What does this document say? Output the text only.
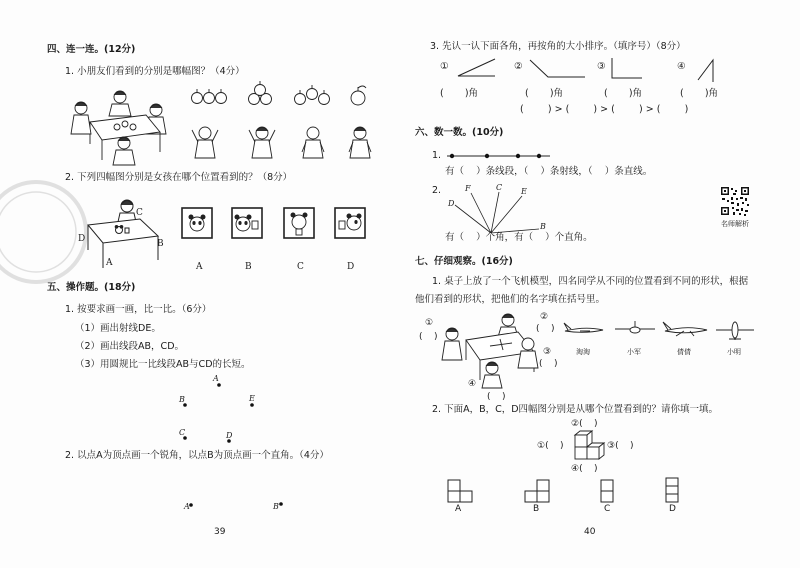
C
D	B
A	A	B	C	D
A
B	E
C	D
A	B
F	C E
D
B
四、连一连。(12分)
1. 小朋友们看到的分别是哪幅图？（4分）
2. 下列四幅图分别是女孩在哪个位置看到的？（8分）
五、操作题。(18分)
1. 按要求画一画，比一比。（6分）
（1）画出射线DE。
（2）画出线段AB，CD。
（3）用圆规比一比线段AB与CD的长短。
2. 以点A为顶点画一个锐角，以点B为顶点画一个直角。（4分）
39
3. 先认一认下面各角，再按角的大小排序。（填序号）（8分）
①	②	③	④
(       )角	(       )角	(       )角	(       )角
(        ) > (        ) > (        ) > (        )
六、数一数。(10分)
1.
有（    ）条线段，（    ）条射线，（    ）条直线。
2.
有（    ）个角，有（    ）个直角。
名师解析
七、仔细观察。(16分)
1. 桌子上放了一个飞机模型，四名同学从不同的位置看到不同的形状，根据
他们看到的形状，把他们的名字填在括号里。
①
(    )
②
(    )
③
(    )
④
(    )
淘淘	小军	倩倩	小明
2. 下面A，B，C，D四幅图分别是从哪个位置看到的？请你填一填。
②(    )
①(    )	③(    )
④(    )
A	B	C	D
40
